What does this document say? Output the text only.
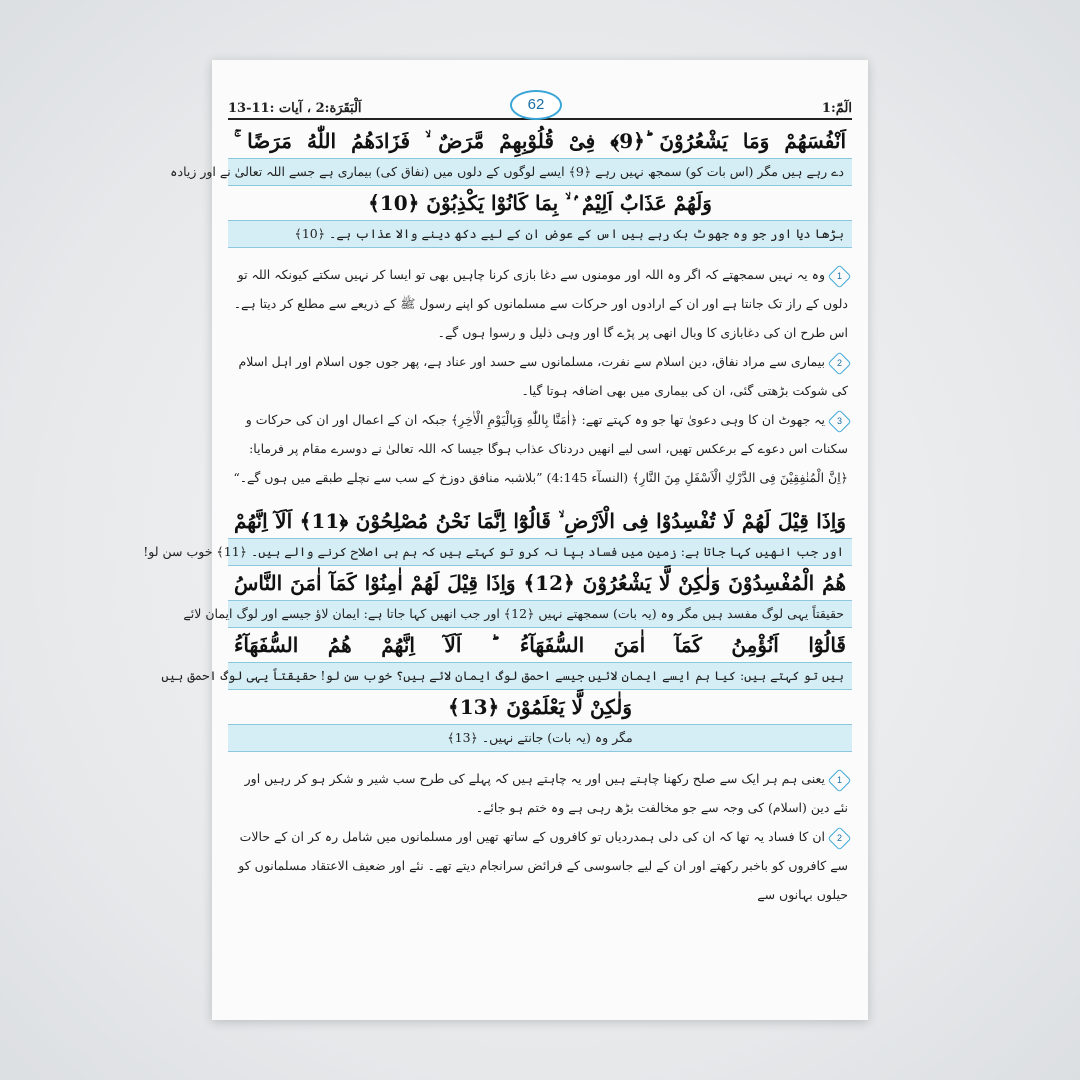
الٓمّٓ:1
اَلْبَقَرَة:2 ، آیات :11-13	62
اَنْفُسَهُمْ وَمَا يَشْعُرُوْنَ ؕ﴿9﴾ فِىْ قُلُوْبِهِمْ مَّرَضٌ ۙ فَزَادَهُمُ اللّٰهُ مَرَضًا ۚ
دے رہے ہیں مگر (اس بات کو) سمجھ نہیں رہے ﴿9﴾ ایسے لوگوں کے دلوں میں (نفاق کی) بیماری ہے جسے اللہ تعالیٰ نے اور زیادہ
وَلَهُمْ عَذَابٌ اَلِيْمٌ ۢ ۙ بِمَا كَانُوْا يَكْذِبُوْنَ ﴿10﴾
بڑھا دیا اور جو وہ جھوٹ بک رہے ہیں اس کے عوض ان کے لیے دکھ دینے والا عذاب ہے۔ ﴿10﴾
1وہ یہ نہیں سمجھتے کہ اگر وہ اللہ اور مومنوں سے دغا بازی کرنا چاہیں بھی تو ایسا کر نہیں سکتے کیونکہ اللہ تو دلوں کے راز تک جانتا ہے اور ان کے ارادوں اور حرکات سے مسلمانوں کو اپنے رسول ﷺ کے ذریعے سے مطلع کر دیتا ہے۔ اس طرح ان کی دغابازی کا وبال انھی پر پڑے گا اور وہی ذلیل و رسوا ہوں گے۔
2بیماری سے مراد نفاق، دین اسلام سے نفرت، مسلمانوں سے حسد اور عناد ہے، پھر جوں جوں اسلام اور اہل اسلام کی شوکت بڑھتی گئی، ان کی بیماری میں بھی اضافہ ہوتا گیا۔
3یہ جھوٹ ان کا وہی دعویٰ تھا جو وہ کہتے تھے: ﴿اٰمَنَّا بِاللّٰهِ وَبِالْيَوْمِ الْاٰخِرِ﴾ جبکہ ان کے اعمال اور ان کی حرکات و سکنات اس دعوے کے برعکس تھیں، اسی لیے انھیں دردناک عذاب ہوگا جیسا کہ اللہ تعالیٰ نے دوسرے مقام پر فرمایا: ﴿اِنَّ الْمُنٰفِقِيْنَ فِى الدَّرْكِ الْاَسْفَلِ مِنَ النَّارِ﴾ (النسآء 4:145) ”بلاشبہ منافق دوزخ کے سب سے نچلے طبقے میں ہوں گے۔“
وَاِذَا قِيْلَ لَهُمْ لَا تُفْسِدُوْا فِى الْاَرْضِ ۙ قَالُوْٓا اِنَّمَا نَحْنُ مُصْلِحُوْنَ ﴿11﴾ اَلَآ اِنَّهُمْ
اور جب انھیں کہا جاتا ہے: زمین میں فساد بپا نہ کرو تو کہتے ہیں کہ ہم ہی اصلاح کرنے والے ہیں۔ ﴿11﴾ خوب سن لو!
هُمُ الْمُفْسِدُوْنَ وَلٰكِنْ لَّا يَشْعُرُوْنَ ﴿12﴾ وَاِذَا قِيْلَ لَهُمْ اٰمِنُوْا كَمَآ اٰمَنَ النَّاسُ
حقیقتاً یہی لوگ مفسد ہیں مگر وہ (یہ بات) سمجھتے نہیں ﴿12﴾ اور جب انھیں کہا جاتا ہے: ایمان لاؤ جیسے اور لوگ ایمان لائے
قَالُوْٓا اَنُؤْمِنُ كَمَآ اٰمَنَ السُّفَهَآءُ ؕ اَلَآ اِنَّهُمْ هُمُ السُّفَهَآءُ
ہیں تو کہتے ہیں: کیا ہم ایسے ایمان لائیں جیسے احمق لوگ ایمان لائے ہیں؟ خوب سن لو! حقیقتاً یہی لوگ احمق ہیں
وَلٰكِنْ لَّا يَعْلَمُوْنَ ﴿13﴾
مگر وہ (یہ بات) جانتے نہیں۔ ﴿13﴾
1یعنی ہم ہر ایک سے صلح رکھنا چاہتے ہیں اور یہ چاہتے ہیں کہ پہلے کی طرح سب شیر و شکر ہو کر رہیں اور نئے دین (اسلام) کی وجہ سے جو مخالفت بڑھ رہی ہے وہ ختم ہو جائے۔
2ان کا فساد یہ تھا کہ ان کی دلی ہمدردیاں تو کافروں کے ساتھ تھیں اور مسلمانوں میں شامل رہ کر ان کے حالات سے کافروں کو باخبر رکھتے اور ان کے لیے جاسوسی کے فرائض سرانجام دیتے تھے۔ نئے اور ضعیف الاعتقاد مسلمانوں کو حیلوں بہانوں سے
